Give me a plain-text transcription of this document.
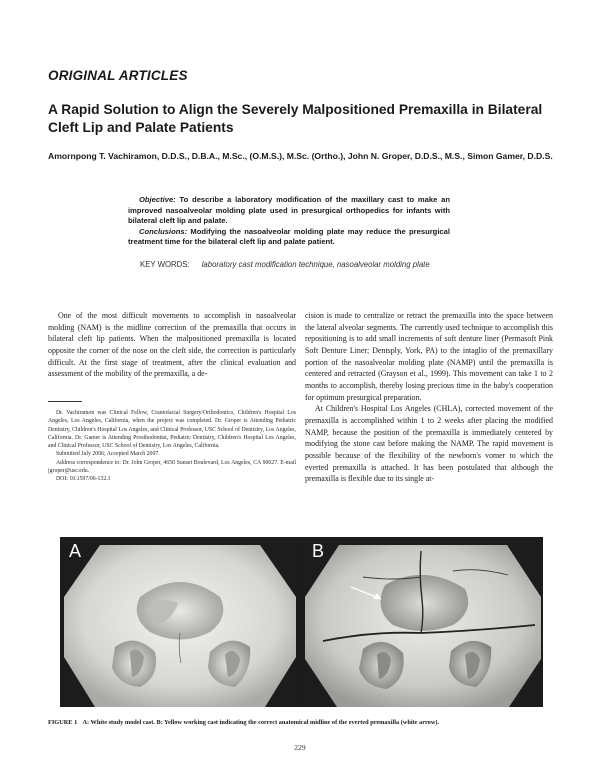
ORIGINAL ARTICLES
A Rapid Solution to Align the Severely Malpositioned Premaxilla in Bilateral Cleft Lip and Palate Patients
Amornpong T. Vachiramon, D.D.S., D.B.A., M.Sc., (O.M.S.), M.Sc. (Ortho.), John N. Groper, D.D.S., M.S., Simon Gamer, D.D.S.

Objective: To describe a laboratory modification of the maxillary cast to make an improved nasoalveolar molding plate used in presurgical orthopedics for infants with bilateral cleft lip and palate.

Conclusions: Modifying the nasoalveolar molding plate may reduce the presurgical treatment time for the bilateral cleft lip and palate patient.

KEY WORDS: laboratory cast modification technique, nasoalveolar molding plate

One of the most difficult movements to accomplish in nasoalveolar molding (NAM) is the midline correction of the premaxilla that occurs in bilateral cleft lip patients. When the malpositioned premaxilla is located opposite the corner of the nose on the cleft side, the correction is particularly difficult. At the first stage of treatment, after the clinical evaluation and assessment of the mobility of the premaxilla, a de-

cision is made to centralize or retract the premaxilla into the space between the lateral alveolar segments. The currently used technique to accomplish this repositioning is to add small increments of soft denture liner (Permasoft Pink Soft Denture Liner; Dentsply, York, PA) to the intaglio of the premaxillary portion of the nasoalveolar molding plate (NAMP) until the premaxilla is centered and retracted (Grayson et al., 1999). This movement can take 1 to 2 months to accomplish, thereby losing precious time in the baby's cooperation for optimum presurgical preparation.

At Children's Hospital Los Angeles (CHLA), corrected movement of the premaxilla is accomplished within 1 to 2 weeks after placing the modified NAMP, because the position of the premaxilla is immediately centered by modifying the stone cast before making the NAMP. The rapid movement is possible because of the flexibility of the newborn's vomer to which the everted premaxilla is attached. It has been postulated that although the premaxilla is flexible due to its single at-

Dr. Vachiramon was Clinical Fellow, Craniofacial Surgery/Orthodontics, Children's Hospital Los Angeles, Los Angeles, California, when the project was completed. Dr. Groper is Attending Pediatric Dentistry, Children's Hospital Los Angeles, and Clinical Professor, USC School of Dentistry, Los Angeles, California. Dr. Gamer is Attending Prosthodontist, Pediatric Dentistry, Children's Hospital Los Angeles, and Clinical Professor, USC School of Dentistry, Los Angeles, California.

Submitted July 2006; Accepted March 2007.

Address correspondence to: Dr. John Groper, 4650 Sunset Boulevard, Los Angeles, CA 90027. E-mail jgroper@usc.edu.

DOI: 10.1597/06-132.1

A	B
FIGURE 1 A: White study model cast. B: Yellow working cast indicating the correct anatomical midline of the everted premaxilla (white arrow).
229
